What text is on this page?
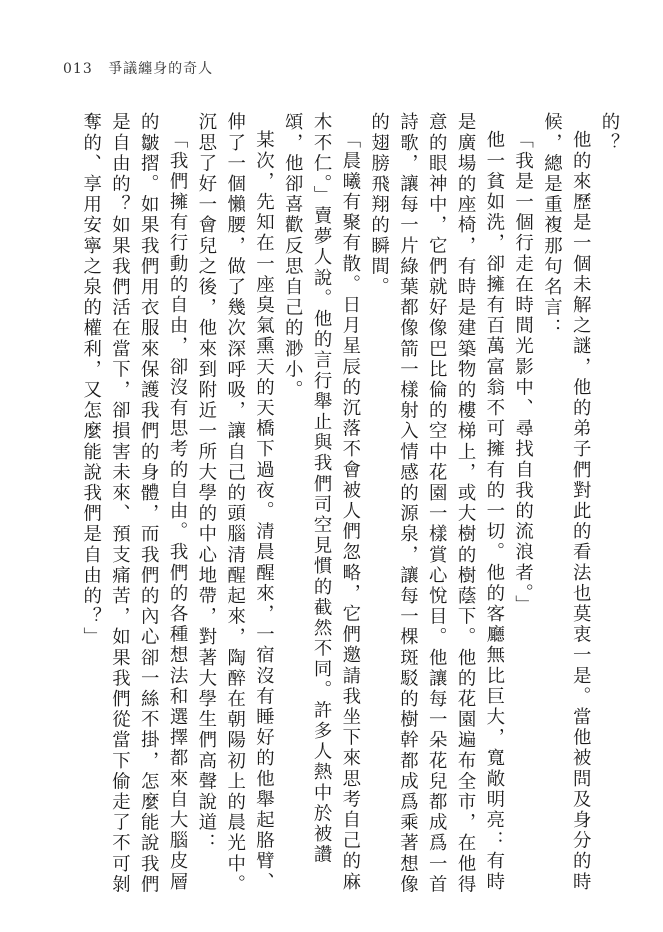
013 爭議纏身的奇人

的？

他的來歷是一個未解之謎，他的弟子們對此的看法也莫衷一是。當他被問及身分的時候，總是重複那句名言：

「我是一個行走在時間光影中、尋找自我的流浪者。」

他一貧如洗，卻擁有百萬富翁不可擁有的一切。他的客廳無比巨大，寬敞明亮：有時是廣場的座椅，有時是建築物的樓梯上，或大樹的樹蔭下。他的花園遍布全市，在他得意的眼神中，它們就好像巴比倫的空中花園一樣賞心悅目。他讓每一朵花兒都成爲一首詩歌，讓每一片綠葉都像箭一樣射入情感的源泉，讓每一棵斑駁的樹幹都成爲乘著想像的翅膀飛翔的瞬間。

「晨曦有聚有散。日月星辰的沉落不會被人們忽略，它們邀請我坐下來思考自己的麻木不仁。」賣夢人說。他的言行舉止與我們司空見慣的截然不同。許多人熱中於被讚頌，他卻喜歡反思自己的渺小。

某次，先知在一座臭氣熏天的天橋下過夜。清晨醒來，一宿沒有睡好的他舉起胳臂、伸了一個懶腰，做了幾次深呼吸，讓自己的頭腦清醒起來，陶醉在朝陽初上的晨光中。沉思了好一會兒之後，他來到附近一所大學的中心地帶，對著大學生們高聲說道：

「我們擁有行動的自由，卻沒有思考的自由。我們的各種想法和選擇都來自大腦皮層的皺摺。如果我們用衣服來保護我們的身體，而我們的內心卻一絲不掛，怎麼能說我們是自由的？如果我們活在當下，卻損害未來、預支痛苦，如果我們從當下偷走了不可剝奪的、享用安寧之泉的權利，又怎麼能說我們是自由的？」
